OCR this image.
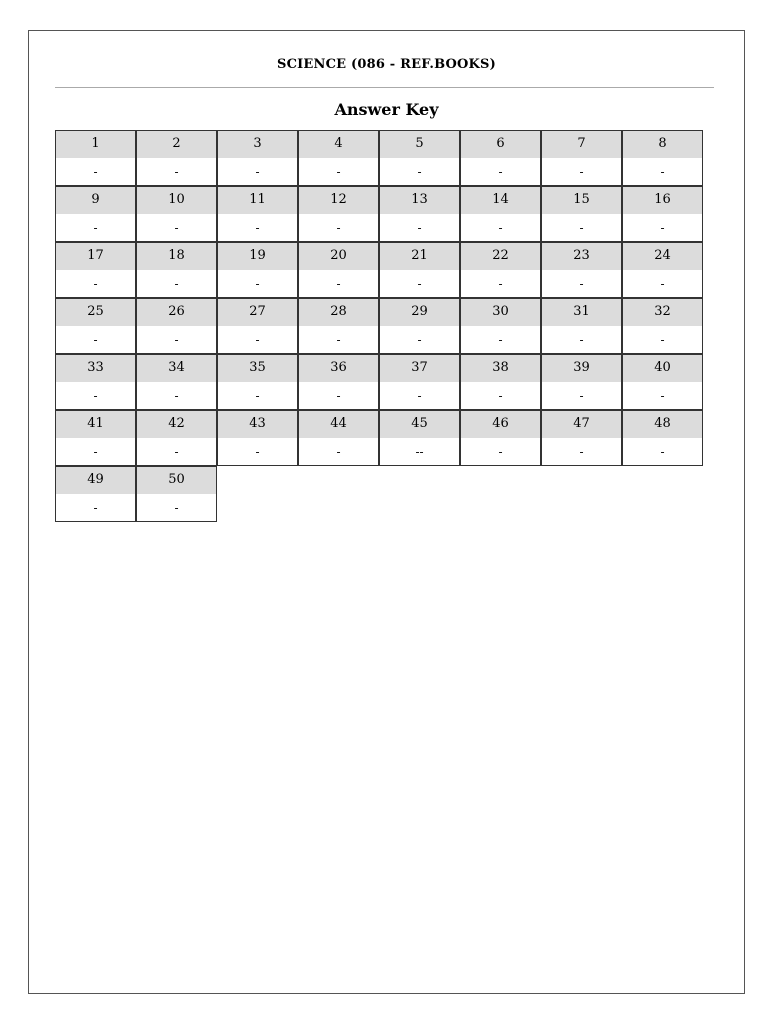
SCIENCE (086 - REF.BOOKS)
Answer Key
1
-
2
-
3
-
4
-
5
-
6
-
7
-
8
-
9
-
10
-
11
-
12
-
13
-
14
-
15
-
16
-
17
-
18
-
19
-
20
-
21
-
22
-
23
-
24
-
25
-
26
-
27
-
28
-
29
-
30
-
31
-
32
-
33
-
34
-
35
-
36
-
37
-
38
-
39
-
40
-
41
-
42
-
43
-
44
-
45
--
46
-
47
-
48
-
49
-
50
-
